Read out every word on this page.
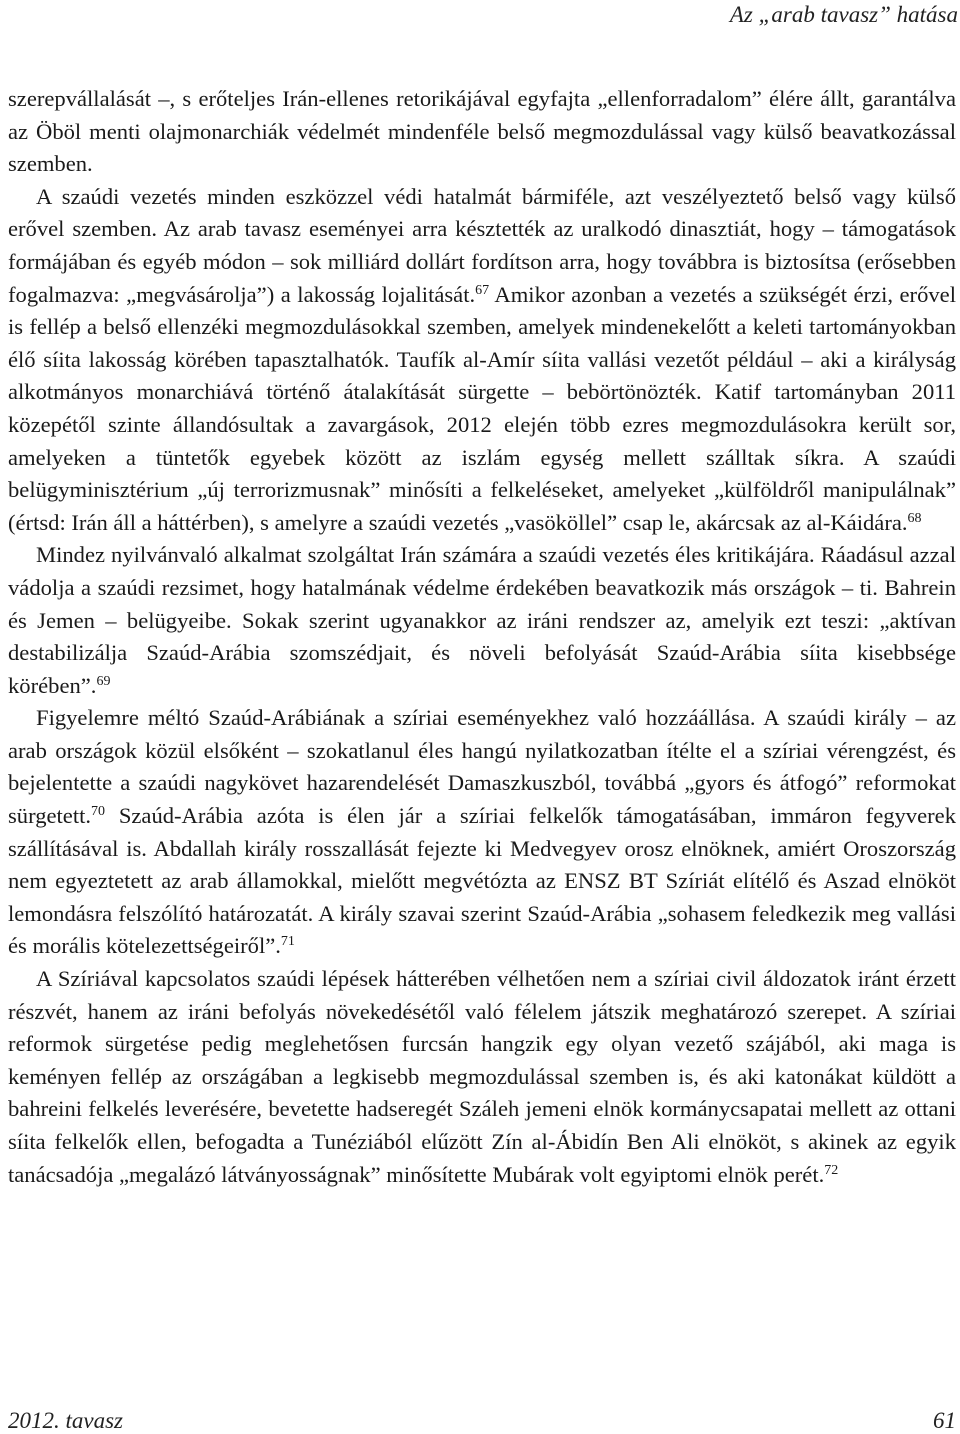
Az „arab tavasz” hatása

szerepvállalását –, s erőteljes Irán-ellenes retorikájával egyfajta „ellenforradalom” élére állt, garantálva az Öböl menti olajmonarchiák védelmét mindenféle belső megmozdulással vagy külső beavatkozással szemben.

A szaúdi vezetés minden eszközzel védi hatalmát bármiféle, azt veszélyeztető belső vagy külső erővel szemben. Az arab tavasz eseményei arra késztették az uralkodó dinasztiát, hogy – támogatások formájában és egyéb módon – sok milliárd dollárt fordítson arra, hogy továbbra is biztosítsa (erősebben fogalmazva: „megvásárolja”) a lakosság lojalitását.$^{67}$ Amikor azonban a vezetés a szükségét érzi, erővel is fellép a belső ellenzéki megmozdulásokkal szemben, amelyek mindenekelőtt a keleti tartományokban élő síita lakosság körében tapasztalhatók. Taufík al-Amír síita vallási vezetőt például – aki a királyság alkotmányos monarchiává történő átalakítását sürgette – bebörtönözték. Katif tartományban 2011 közepétől szinte állandósultak a zavargások, 2012 elején több ezres megmozdulásokra került sor, amelyeken a tüntetők egyebek között az iszlám egység mellett szálltak síkra. A szaúdi belügyminisztérium „új terrorizmusnak” minősíti a felkeléseket, amelyeket „külföldről manipulálnak” (értsd: Irán áll a háttérben), s amelyre a szaúdi vezetés „vasököllel” csap le, akárcsak az al-Káidára.$^{68}$

Mindez nyilvánvaló alkalmat szolgáltat Irán számára a szaúdi vezetés éles kritikájára. Ráadásul azzal vádolja a szaúdi rezsimet, hogy hatalmának védelme érdekében beavatkozik más országok – ti. Bahrein és Jemen – belügyeibe. Sokak szerint ugyanakkor az iráni rendszer az, amelyik ezt teszi: „aktívan destabilizálja Szaúd-Arábia szomszédjait, és növeli befolyását Szaúd-Arábia síita kisebbsége körében”.$^{69}$

Figyelemre méltó Szaúd-Arábiának a szíriai eseményekhez való hozzáállása. A szaúdi király – az arab országok közül elsőként – szokatlanul éles hangú nyilatkozatban ítélte el a szíriai vérengzést, és bejelentette a szaúdi nagykövet hazarendelését Damaszkuszból, továbbá „gyors és átfogó” reformokat sürgetett.$^{70}$ Szaúd-Arábia azóta is élen jár a szíriai felkelők támogatásában, immáron fegyverek szállításával is. Abdallah király rosszallását fejezte ki Medvegyev orosz elnöknek, amiért Oroszország nem egyeztetett az arab államokkal, mielőtt megvétózta az ENSZ BT Szíriát elítélő és Aszad elnököt lemondásra felszólító határozatát. A király szavai szerint Szaúd-Arábia „sohasem feledkezik meg vallási és morális kötelezettségeiről”.$^{71}$

A Szíriával kapcsolatos szaúdi lépések hátterében vélhetően nem a szíriai civil áldozatok iránt érzett részvét, hanem az iráni befolyás növekedésétől való félelem játszik meghatározó szerepet. A szíriai reformok sürgetése pedig meglehetősen furcsán hangzik egy olyan vezető szájából, aki maga is keményen fellép az országában a legkisebb megmozdulással szemben is, és aki katonákat küldött a bahreini felkelés leverésére, bevetette hadseregét Száleh jemeni elnök kormánycsapatai mellett az ottani síita felkelők ellen, befogadta a Tunéziából elűzött Zín al-Ábidín Ben Ali elnököt, s akinek az egyik tanácsadója „megalázó látványosságnak” minősítette Mubárak volt egyiptomi elnök perét.$^{72}$

2012. tavasz	61
